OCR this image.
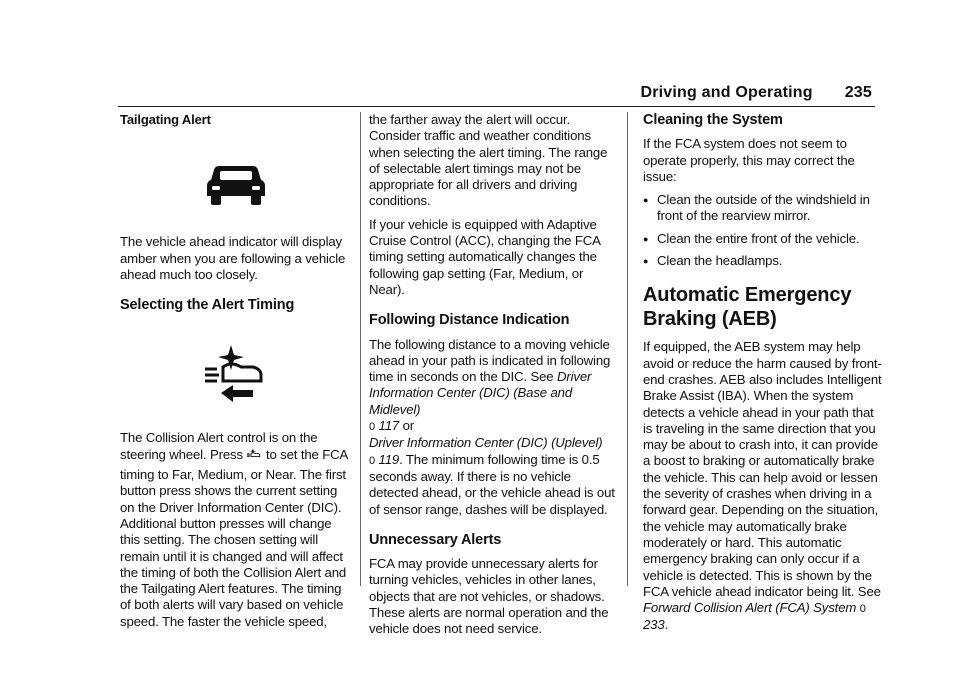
Driving and Operating 235
Tailgating Alert

The vehicle ahead indicator will display amber when you are following a vehicle ahead much too closely.

Selecting the Alert Timing

The Collision Alert control is on the steering wheel. Press  to set the FCA timing to Far, Medium, or Near. The first button press shows the current setting on the Driver Information Center (DIC). Additional button presses will change this setting. The chosen setting will remain until it is changed and will affect the timing of both the Collision Alert and the Tailgating Alert features. The timing of both alerts will vary based on vehicle speed. The faster the vehicle speed,

the farther away the alert will occur. Consider traffic and weather conditions when selecting the alert timing. The range of selectable alert timings may not be appropriate for all drivers and driving conditions.

If your vehicle is equipped with Adaptive Cruise Control (ACC), changing the FCA timing setting automatically changes the following gap setting (Far, Medium, or Near).

Following Distance Indication

The following distance to a moving vehicle ahead in your path is indicated in following time in seconds on the DIC. See Driver Information Center (DIC) (Base and Midlevel)
0 117 or
Driver Information Center (DIC) (Uplevel)
0 119. The minimum following time is 0.5 seconds away. If there is no vehicle detected ahead, or the vehicle ahead is out of sensor range, dashes will be displayed.

Unnecessary Alerts

FCA may provide unnecessary alerts for turning vehicles, vehicles in other lanes, objects that are not vehicles, or shadows. These alerts are normal operation and the vehicle does not need service.

Cleaning the System

If the FCA system does not seem to operate properly, this may correct the issue:

● Clean the outside of the windshield in front of the rearview mirror.
● Clean the entire front of the vehicle.
● Clean the headlamps.
Automatic Emergency
Braking (AEB)

If equipped, the AEB system may help avoid or reduce the harm caused by front-end crashes. AEB also includes Intelligent Brake Assist (IBA). When the system detects a vehicle ahead in your path that is traveling in the same direction that you may be about to crash into, it can provide a boost to braking or automatically brake the vehicle. This can help avoid or lessen the severity of crashes when driving in a forward gear. Depending on the situation, the vehicle may automatically brake moderately or hard. This automatic emergency braking can only occur if a vehicle is detected. This is shown by the FCA vehicle ahead indicator being lit. See Forward Collision Alert (FCA) System 0 233.
